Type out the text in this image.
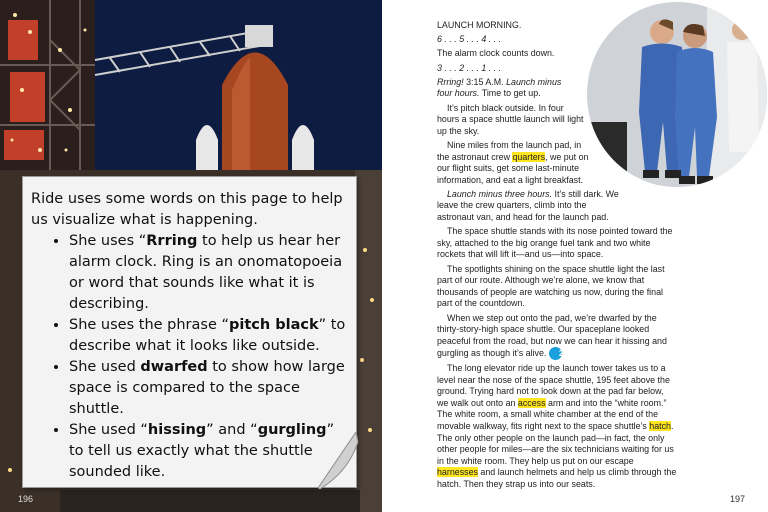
Ride uses some words on this page to help us visualize what is happening.

• She uses “Rrring to help us hear her alarm clock. Ring is an onomatopoeia or word that sounds like what it is describing.
• She uses the phrase “pitch black” to describe what it looks like outside.
• She used dwarfed to show how large space is compared to the space shuttle.
• She used “hissing” and “gurgling” to tell us exactly what the shuttle sounded like.
196

LAUNCH MORNING.

6 . . . 5 . . . 4 . . .

The alarm clock counts down.

3 . . . 2 . . . 1 . . .

Rrring! 3:15 A.M. Launch minus four hours. Time to get up.

It’s pitch black outside. In four hours a space shuttle launch will light up the sky.

Nine miles from the launch pad, in the astronaut crew quarters, we put on our flight suits, get some last-minute information, and eat a light breakfast.

Launch minus three hours. It’s still dark. We leave the crew quarters, climb into the astronaut van, and head for the launch pad.

The space shuttle stands with its nose pointed toward the sky, attached to the big orange fuel tank and two white rockets that will lift it—and us—into space.

The spotlights shining on the space shuttle light the last part of our route. Although we’re alone, we know that thousands of people are watching us now, during the final part of the countdown.

When we step out onto the pad, we’re dwarfed by the thirty-story-high space shuttle. Our spaceplane looked peaceful from the road, but now we can hear it hissing and gurgling as though it’s alive. 2

The long elevator ride up the launch tower takes us to a level near the nose of the space shuttle, 195 feet above the ground. Trying hard not to look down at the pad far below, we walk out onto an access arm and into the “white room.” The white room, a small white chamber at the end of the movable walkway, fits right next to the space shuttle’s hatch. The only other people on the launch pad—in fact, the only other people for miles—are the six technicians waiting for us in the white room. They help us put on our escape harnesses and launch helmets and help us climb through the hatch. Then they strap us into our seats.

197
